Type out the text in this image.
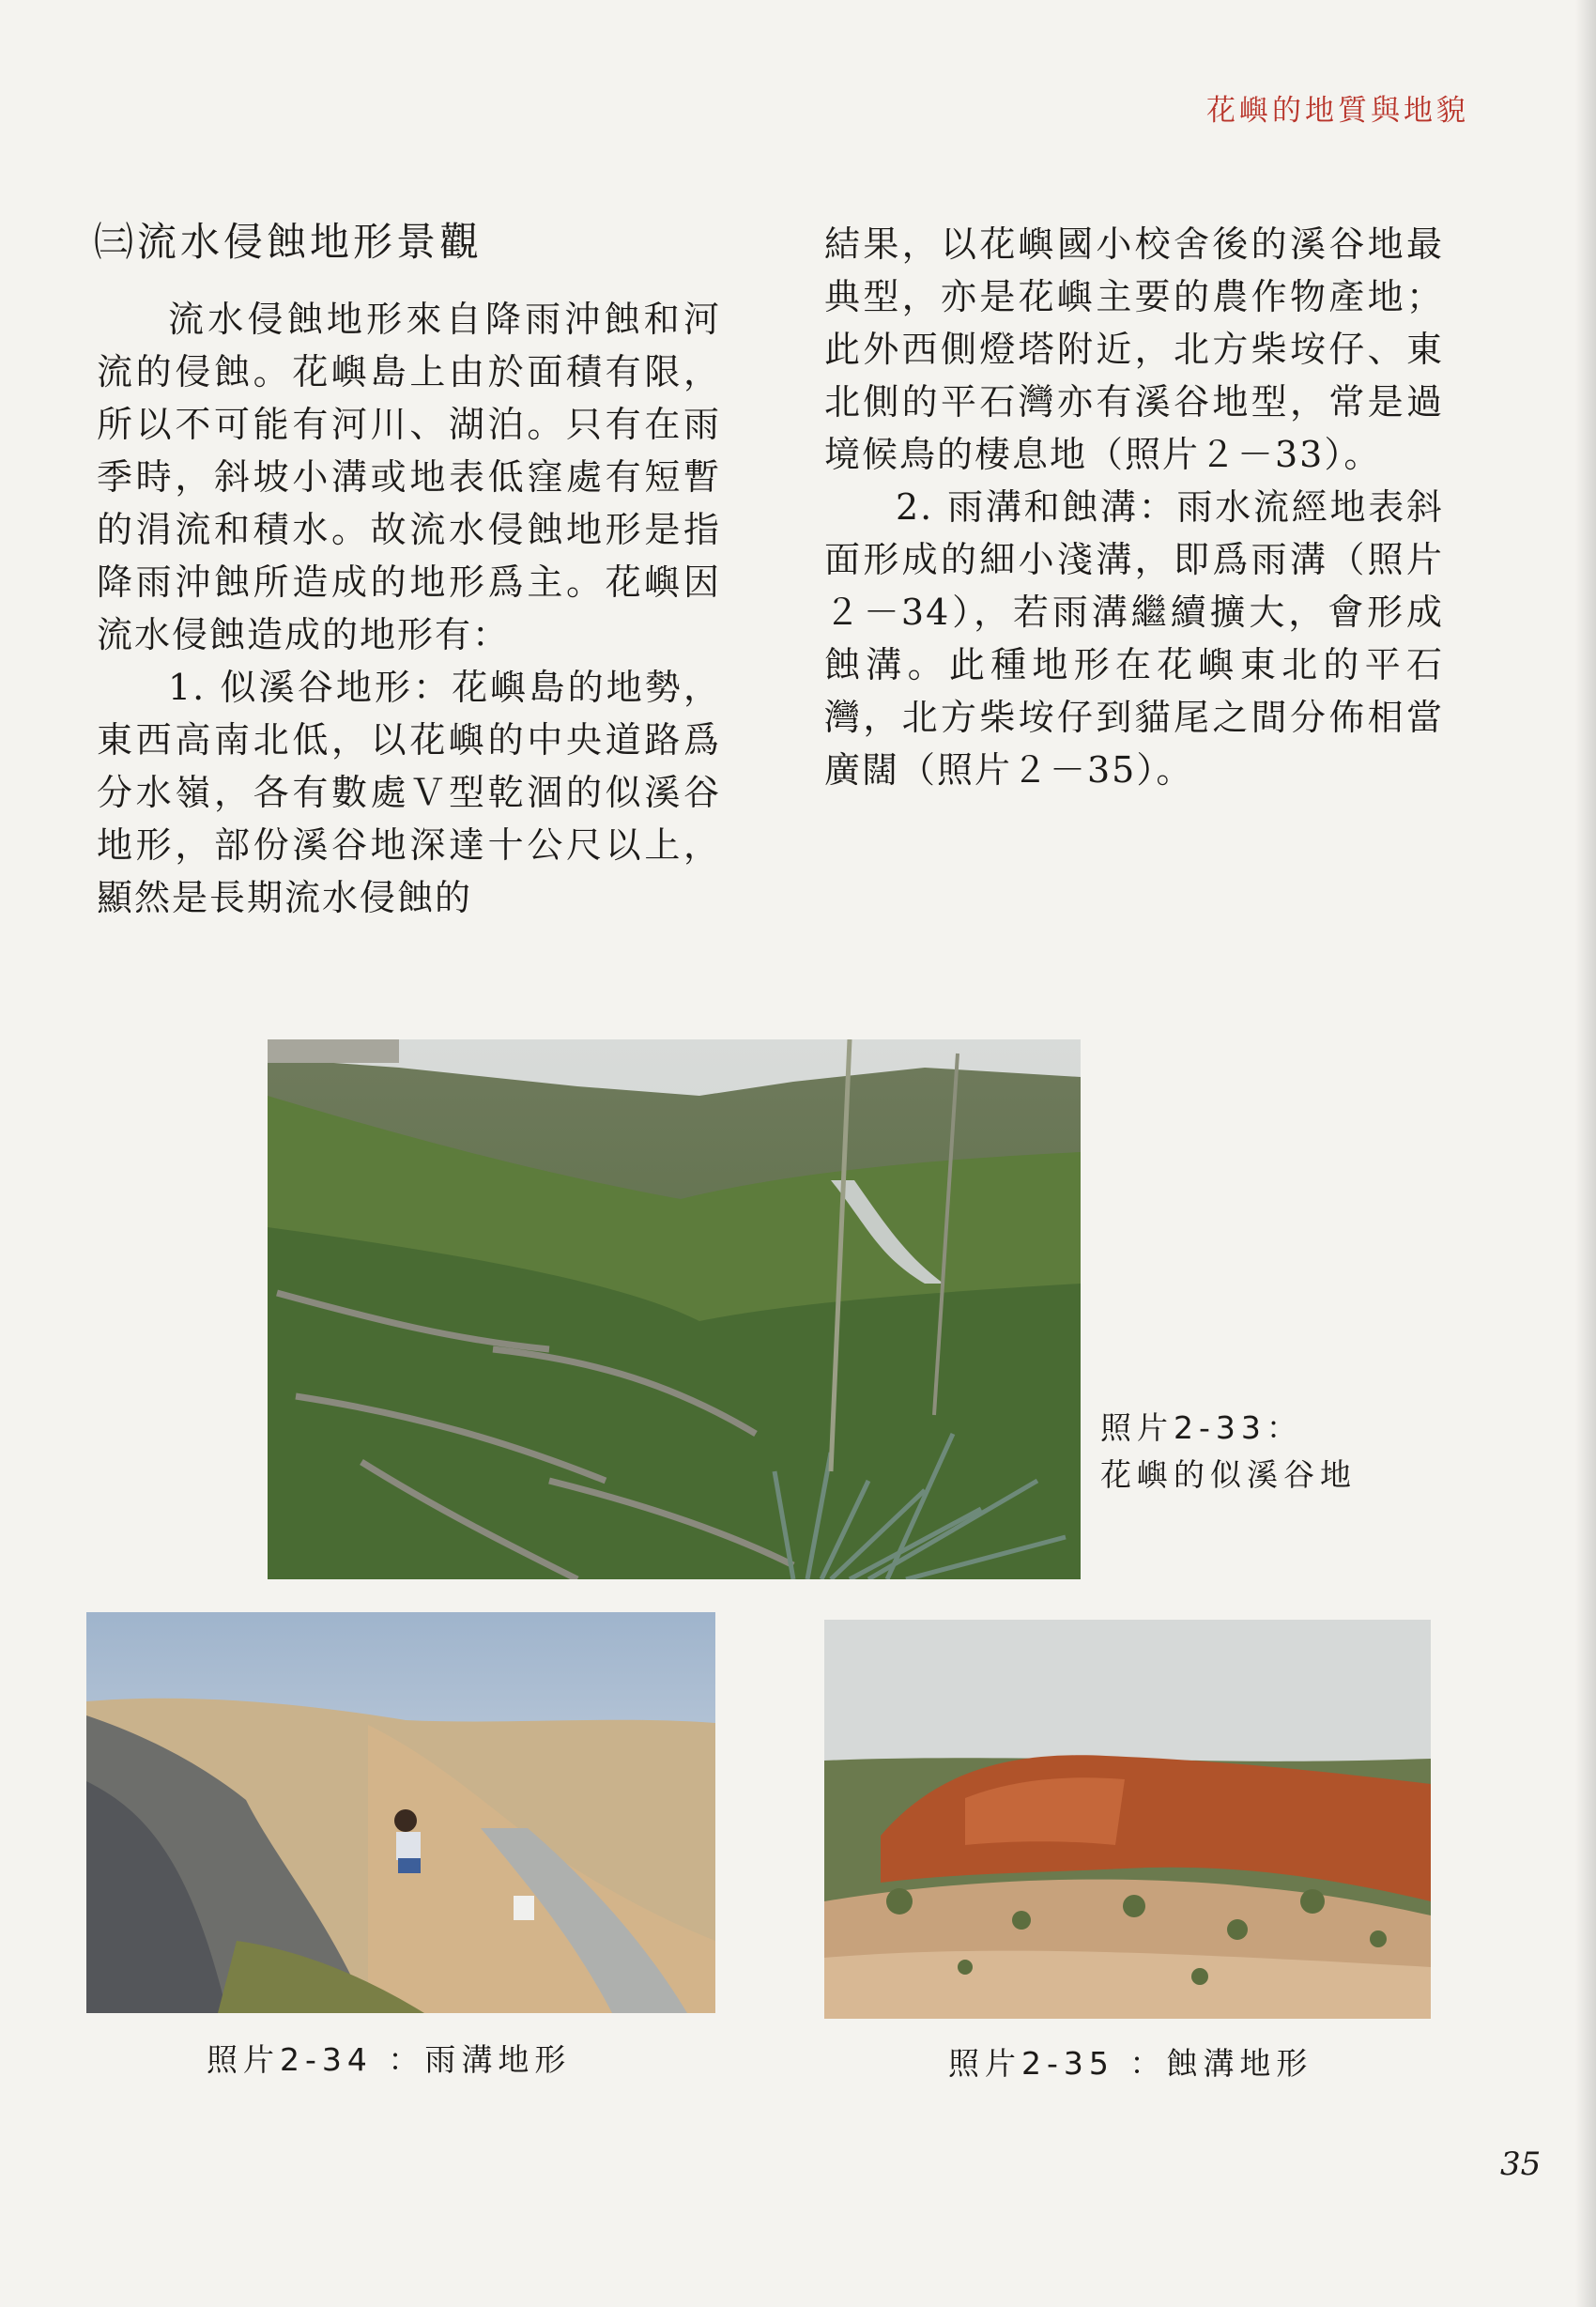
花嶼的地質與地貌
㈢流水侵蝕地形景觀

流水侵蝕地形來自降雨沖蝕和河流的侵蝕。花嶼島上由於面積有限，所以不可能有河川、湖泊。只有在雨季時，斜坡小溝或地表低窪處有短暫的涓流和積水。故流水侵蝕地形是指降雨沖蝕所造成的地形爲主。花嶼因流水侵蝕造成的地形有：

1. 似溪谷地形：花嶼島的地勢，東西高南北低，以花嶼的中央道路爲分水嶺，各有數處Ｖ型乾涸的似溪谷地形，部份溪谷地深達十公尺以上，顯然是長期流水侵蝕的

結果，以花嶼國小校舍後的溪谷地最典型，亦是花嶼主要的農作物產地；此外西側燈塔附近，北方柴垵仔、東北側的平石灣亦有溪谷地型，常是過境候鳥的棲息地（照片２－33）。

2. 雨溝和蝕溝：雨水流經地表斜面形成的細小淺溝，即爲雨溝（照片２－34），若雨溝繼續擴大，會形成蝕溝。此種地形在花嶼東北的平石灣，北方柴垵仔到貓尾之間分佈相當廣闊（照片２－35）。

照片2-33：
花嶼的似溪谷地
照片2-34 ：雨溝地形	照片2-35 ：蝕溝地形
35
